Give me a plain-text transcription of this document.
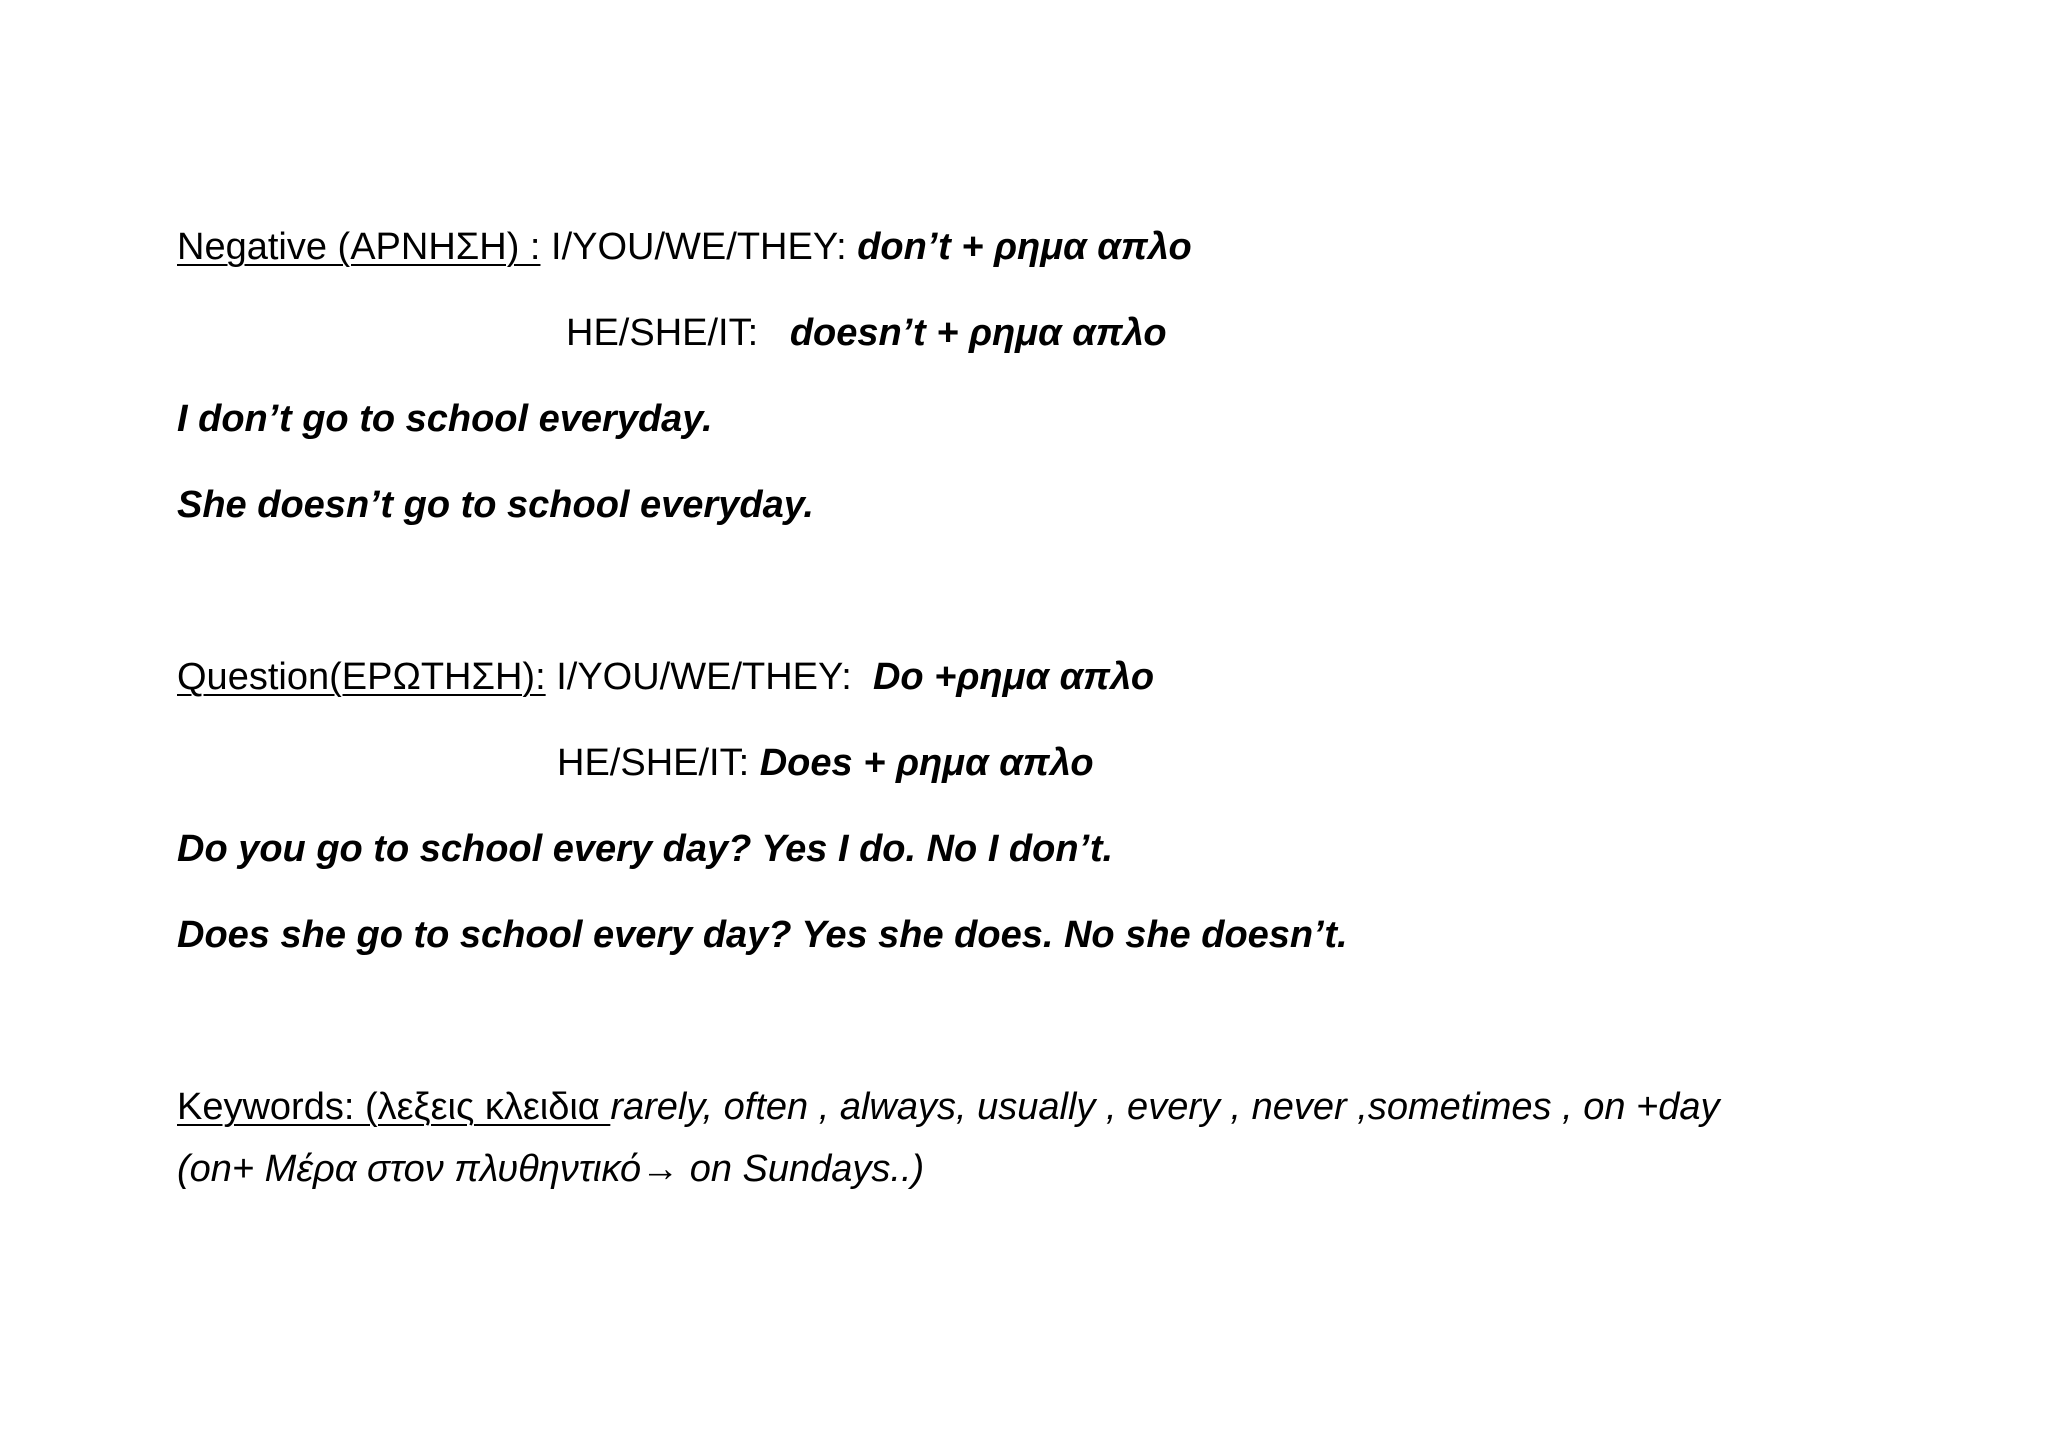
Negative (ΑΡΝΗΣΗ) : I/YOU/WE/THEY: don’t + ρημα απλο
HE/SHE/IT: doesn’t + ρημα απλο
I don’t go to school everyday.
She doesn’t go to school everyday.
Question(ΕΡΩΤΗΣΗ): I/YOU/WE/THEY: Do +ρημα απλο
HE/SHE/IT: Does + ρημα απλο
Do you go to school every day? Yes I do. No I don’t.
Does she go to school every day? Yes she does. No she doesn’t.
Keywords: (λεξεις κλειδια rarely, often , always, usually , every , never ,sometimes , on +day
(on+ Μέρα στον πλυθηντικό→ on Sundays..)
